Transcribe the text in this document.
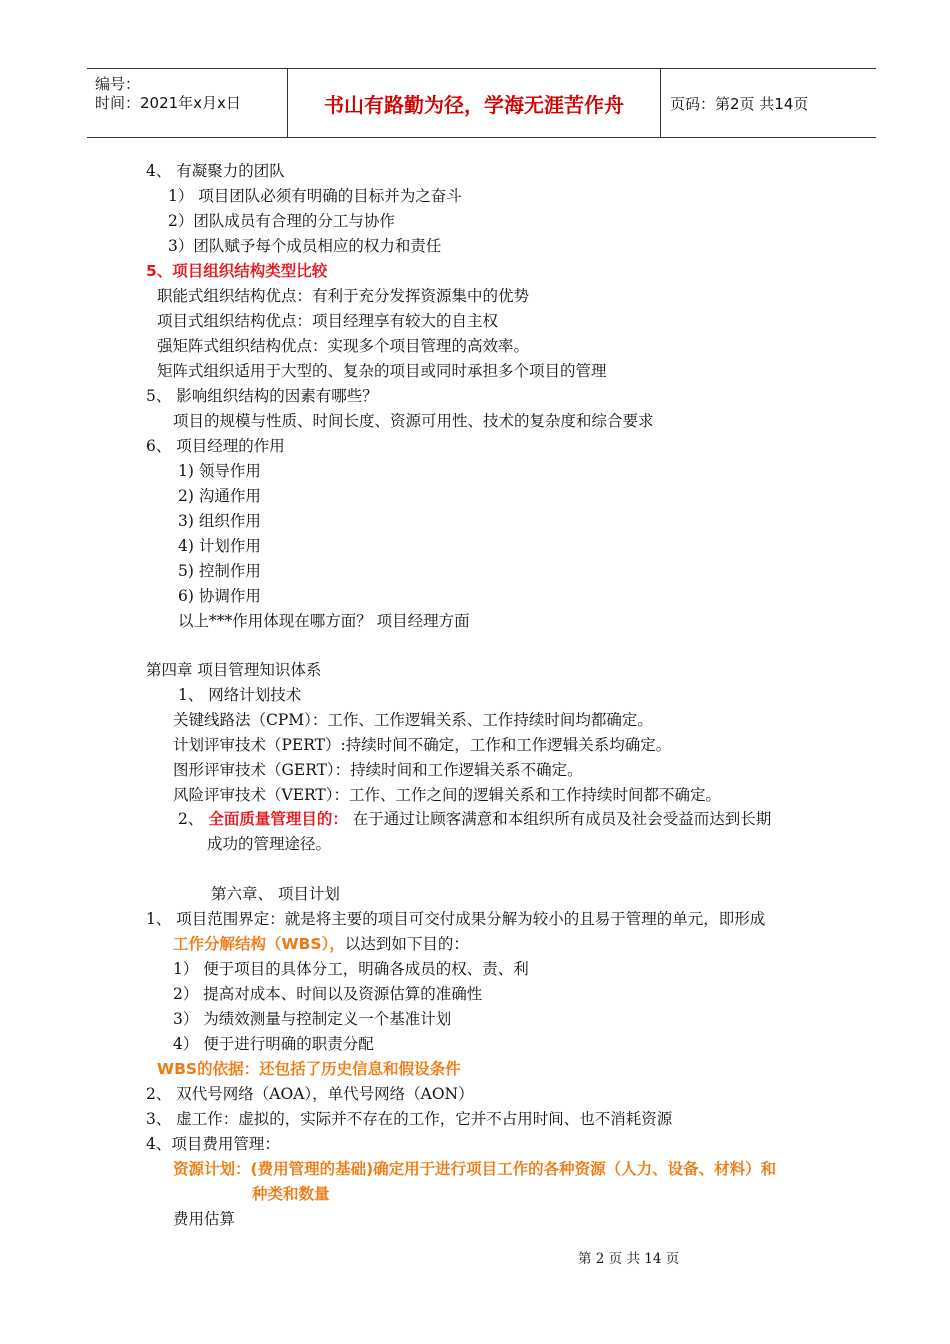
编号：
时间：2021年x月x日	书山有路勤为径，学海无涯苦作舟	页码：第2页 共14页
4、 有凝聚力的团队
1） 项目团队必须有明确的目标并为之奋斗
2）团队成员有合理的分工与协作
3）团队赋予每个成员相应的权力和责任
5、项目组织结构类型比较
职能式组织结构优点：有利于充分发挥资源集中的优势
项目式组织结构优点：项目经理享有较大的自主权
强矩阵式组织结构优点：实现多个项目管理的高效率。
矩阵式组织适用于大型的、复杂的项目或同时承担多个项目的管理
5、 影响组织结构的因素有哪些？
项目的规模与性质、时间长度、资源可用性、技术的复杂度和综合要求
6、 项目经理的作用
1) 领导作用
2) 沟通作用
3) 组织作用
4) 计划作用
5) 控制作用
6) 协调作用
以上***作用体现在哪方面？ 项目经理方面
第四章 项目管理知识体系
1、 网络计划技术
关键线路法（CPM）：工作、工作逻辑关系、工作持续时间均都确定。
计划评审技术（PERT）:持续时间不确定，工作和工作逻辑关系均确定。
图形评审技术（GERT）：持续时间和工作逻辑关系不确定。
风险评审技术（VERT）：工作、工作之间的逻辑关系和工作持续时间都不确定。
2、 全面质量管理目的： 在于通过让顾客满意和本组织所有成员及社会受益而达到长期
成功的管理途径。
第六章、 项目计划
1、 项目范围界定：就是将主要的项目可交付成果分解为较小的且易于管理的单元，即形成
工作分解结构（WBS），以达到如下目的：
1） 便于项目的具体分工，明确各成员的权、责、利
2） 提高对成本、时间以及资源估算的准确性
3） 为绩效测量与控制定义一个基准计划
4） 便于进行明确的职责分配
WBS的依据：还包括了历史信息和假设条件
2、 双代号网络（AOA），单代号网络（AON）
3、 虚工作：虚拟的，实际并不存在的工作，它并不占用时间、也不消耗资源
4、项目费用管理：
资源计划：(费用管理的基础)确定用于进行项目工作的各种资源（人力、设备、材料）和
种类和数量
费用估算
第 2 页 共 14 页
